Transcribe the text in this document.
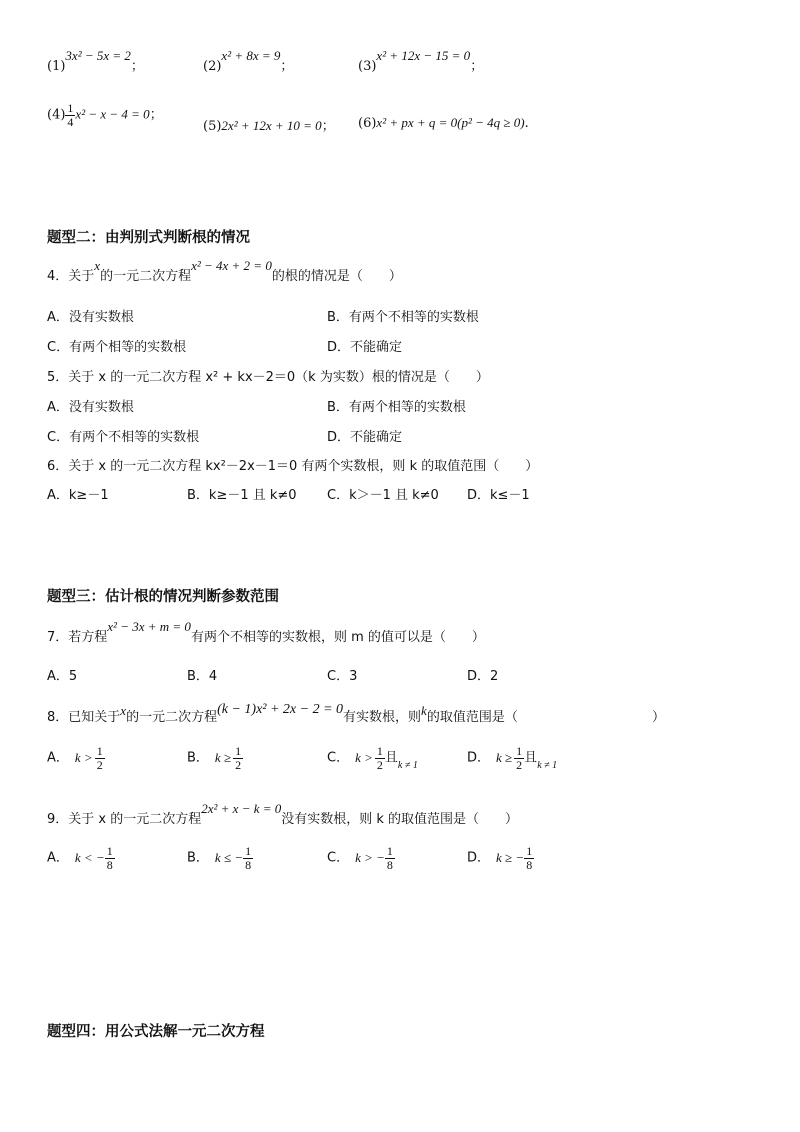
(1)3x² − 5x = 2；	(2)x² + 8x = 9；	(3)x² + 12x − 15 = 0；
$(4) \frac{1}{4} x^2 - x - 4 = 0$；
(5)2x² + 12x + 10 = 0； (6)x² + px + q = 0(p² − 4q ≥ 0).
题型二：由判别式判断根的情况
4．关于x的一元二次方程x² − 4x + 2 = 0的根的情况是（　　）
A．没有实数根	B．有两个不相等的实数根
C．有两个相等的实数根	D．不能确定
5．关于 x 的一元二次方程 x² + kx－2＝0（k 为实数）根的情况是（　　）
A．没有实数根	B．有两个相等的实数根
C．有两个不相等的实数根	D．不能确定
6．关于 x 的一元二次方程 kx²－2x－1＝0 有两个实数根，则 k 的取值范围（　　）
A．k≥－1	B．k≥－1 且 k≠0 C．k＞－1 且 k≠0 D．k≤－1
题型三：估计根的情况判断参数范围
7．若方程x² − 3x + m = 0有两个不相等的实数根，则 m 的值可以是（　　）
A．5	B．4	C．3	D．2
8．已知关于x的一元二次方程(k − 1)x² + 2x − 2 = 0有实数根，则k的取值范围是（	）
A． $k > \frac{1}{2}$	B． $k \ge \frac{1}{2}$	C． $k > \frac{1}{2}$ 且$_{k \ne 1}$	D． $k \ge \frac{1}{2}$ 且$_{k \ne 1}$
9．关于 x 的一元二次方程2x² + x − k = 0没有实数根，则 k 的取值范围是（　　）
A． k < − $\frac{1}{8}$	B． k ≤ − $\frac{1}{8}$	C． k > − $\frac{1}{8}$	D． k ≥ − $\frac{1}{8}$
题型四：用公式法解一元二次方程
